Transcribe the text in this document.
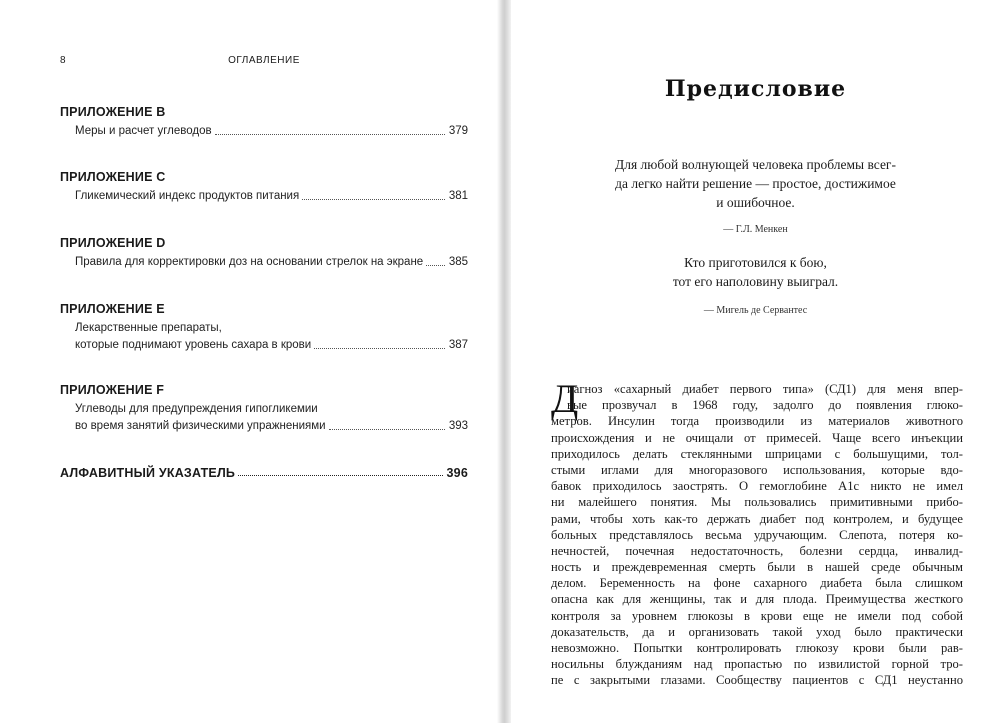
8	ОГЛАВЛЕНИЕ
ПРИЛОЖЕНИЕ B
Меры и расчет углеводов	379
ПРИЛОЖЕНИЕ C
Гликемический индекс продуктов питания	381
ПРИЛОЖЕНИЕ D
Правила для корректировки доз на основании стрелок на экране 385
ПРИЛОЖЕНИЕ E
Лекарственные препараты,
которые поднимают уровень сахара в крови	387
ПРИЛОЖЕНИЕ F
Углеводы для предупреждения гипогликемии
во время занятий физическими упражнениями	393
АЛФАВИТНЫЙ УКАЗАТЕЛЬ	396
Предисловие
Для любой волнующей человека проблемы всег-
да легко найти решение — простое, достижимое
и ошибочное.
— Г.Л. Менкен
Кто приготовился к бою,
тот его наполовину выиграл.
— Мигель де Сервантес
Д
иагноз «сахарный диабет первого типа» (СД1) для меня впер-
вые прозвучал в 1968 году, задолго до появления глюко-
метров. Инсулин тогда производили из материалов животного
происхождения и не очищали от примесей. Чаще всего инъекции
приходилось делать стеклянными шприцами с большущими, тол-
стыми иглами для многоразового использования, которые вдо-
бавок приходилось заострять. О гемоглобине A1c никто не имел
ни малейшего понятия. Мы пользовались примитивными прибо-
рами, чтобы хоть как-то держать диабет под контролем, и будущее
больных представлялось весьма удручающим. Слепота, потеря ко-
нечностей, почечная недостаточность, болезни сердца, инвалид-
ность и преждевременная смерть были в нашей среде обычным
делом. Беременность на фоне сахарного диабета была слишком
опасна как для женщины, так и для плода. Преимущества жесткого
контроля за уровнем глюкозы в крови еще не имели под собой
доказательств, да и организовать такой уход было практически
невозможно. Попытки контролировать глюкозу крови были рав-
носильны блужданиям над пропастью по извилистой горной тро-
пе с закрытыми глазами. Сообществу пациентов с СД1 неустанно
